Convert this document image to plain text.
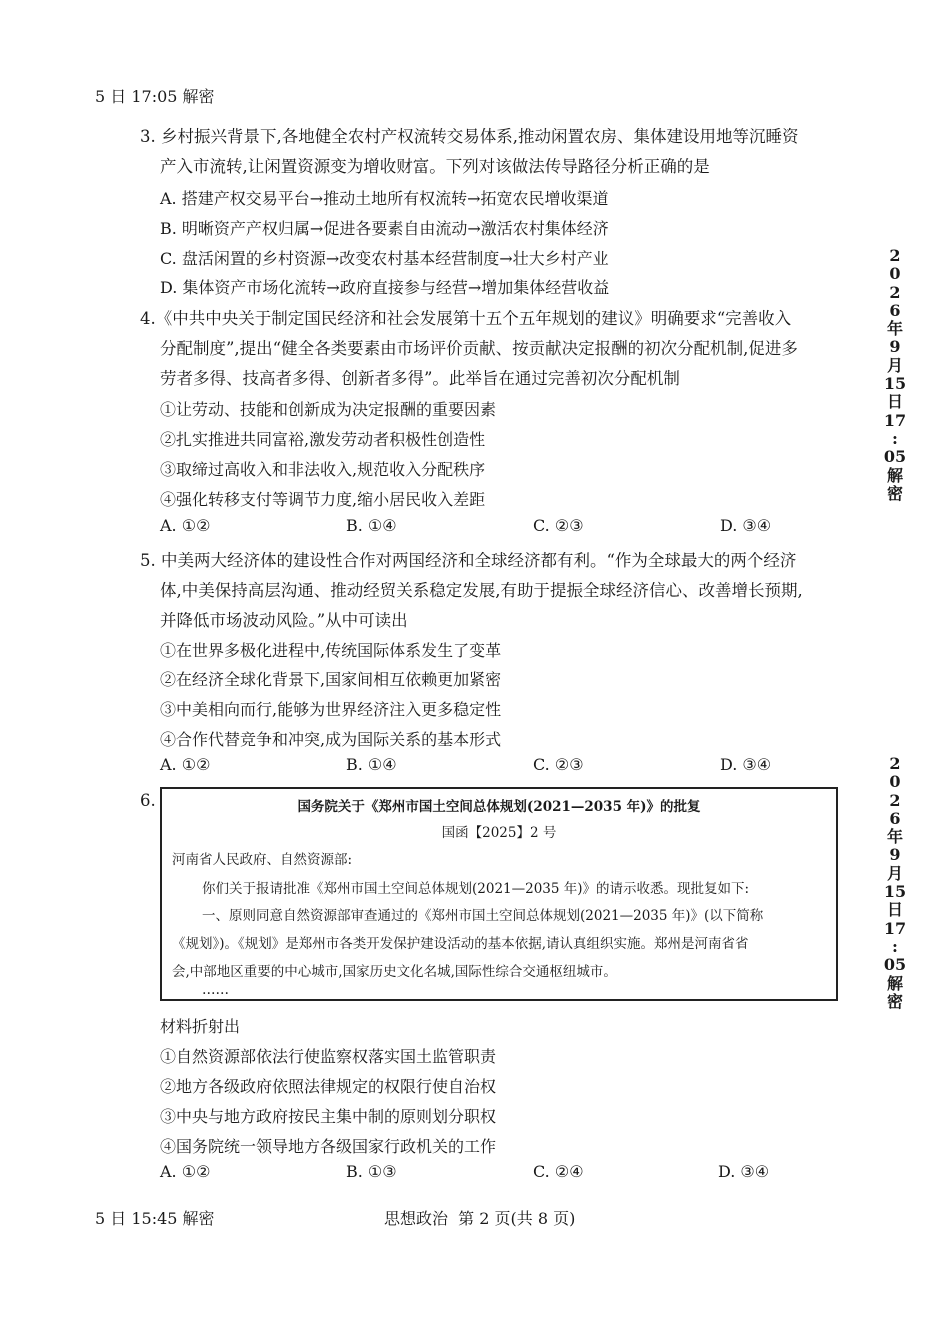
5 日 17:05 解密
3. 乡村振兴背景下,各地健全农村产权流转交易体系,推动闲置农房、集体建设用地等沉睡资
产入市流转,让闲置资源变为增收财富。下列对该做法传导路径分析正确的是
A. 搭建产权交易平台→推动土地所有权流转→拓宽农民增收渠道
B. 明晰资产产权归属→促进各要素自由流动→激活农村集体经济
C. 盘活闲置的乡村资源→改变农村基本经营制度→壮大乡村产业
D. 集体资产市场化流转→政府直接参与经营→增加集体经营收益
4.《中共中央关于制定国民经济和社会发展第十五个五年规划的建议》明确要求“完善收入
分配制度”,提出“健全各类要素由市场评价贡献、按贡献决定报酬的初次分配机制,促进多
劳者多得、技高者多得、创新者多得”。此举旨在通过完善初次分配机制
①让劳动、技能和创新成为决定报酬的重要因素
②扎实推进共同富裕,激发劳动者积极性创造性
③取缔过高收入和非法收入,规范收入分配秩序
④强化转移支付等调节力度,缩小居民收入差距
A. ①②	B. ①④	C. ②③	D. ③④
5. 中美两大经济体的建设性合作对两国经济和全球经济都有利。“作为全球最大的两个经济
体,中美保持高层沟通、推动经贸关系稳定发展,有助于提振全球经济信心、改善增长预期,
并降低市场波动风险。”从中可读出
①在世界多极化进程中,传统国际体系发生了变革
②在经济全球化背景下,国家间相互依赖更加紧密
③中美相向而行,能够为世界经济注入更多稳定性
④合作代替竞争和冲突,成为国际关系的基本形式
A. ①②	B. ①④	C. ②③	D. ③④
6.	国务院关于《郑州市国土空间总体规划(2021—2035 年)》的批复
国函【2025】2 号
河南省人民政府、自然资源部:
你们关于报请批准《郑州市国土空间总体规划(2021—2035 年)》的请示收悉。现批复如下:
一、原则同意自然资源部审查通过的《郑州市国土空间总体规划(2021—2035 年)》(以下简称
《规划》)。《规划》是郑州市各类开发保护建设活动的基本依据,请认真组织实施。郑州是河南省省
会,中部地区重要的中心城市,国家历史文化名城,国际性综合交通枢纽城市。
……
材料折射出
①自然资源部依法行使监察权落实国土监管职责
②地方各级政府依照法律规定的权限行使自治权
③中央与地方政府按民主集中制的原则划分职权
④国务院统一领导地方各级国家行政机关的工作
A. ①②	B. ①③	C. ②④	D. ③④
2
0
2
6
年
9
月
15
日
17
:
05
解
密
2
0
2
6
年
9
月
15
日
17
:
05
解
密
5 日 15:45 解密	思想政治  第 2 页(共 8 页)
